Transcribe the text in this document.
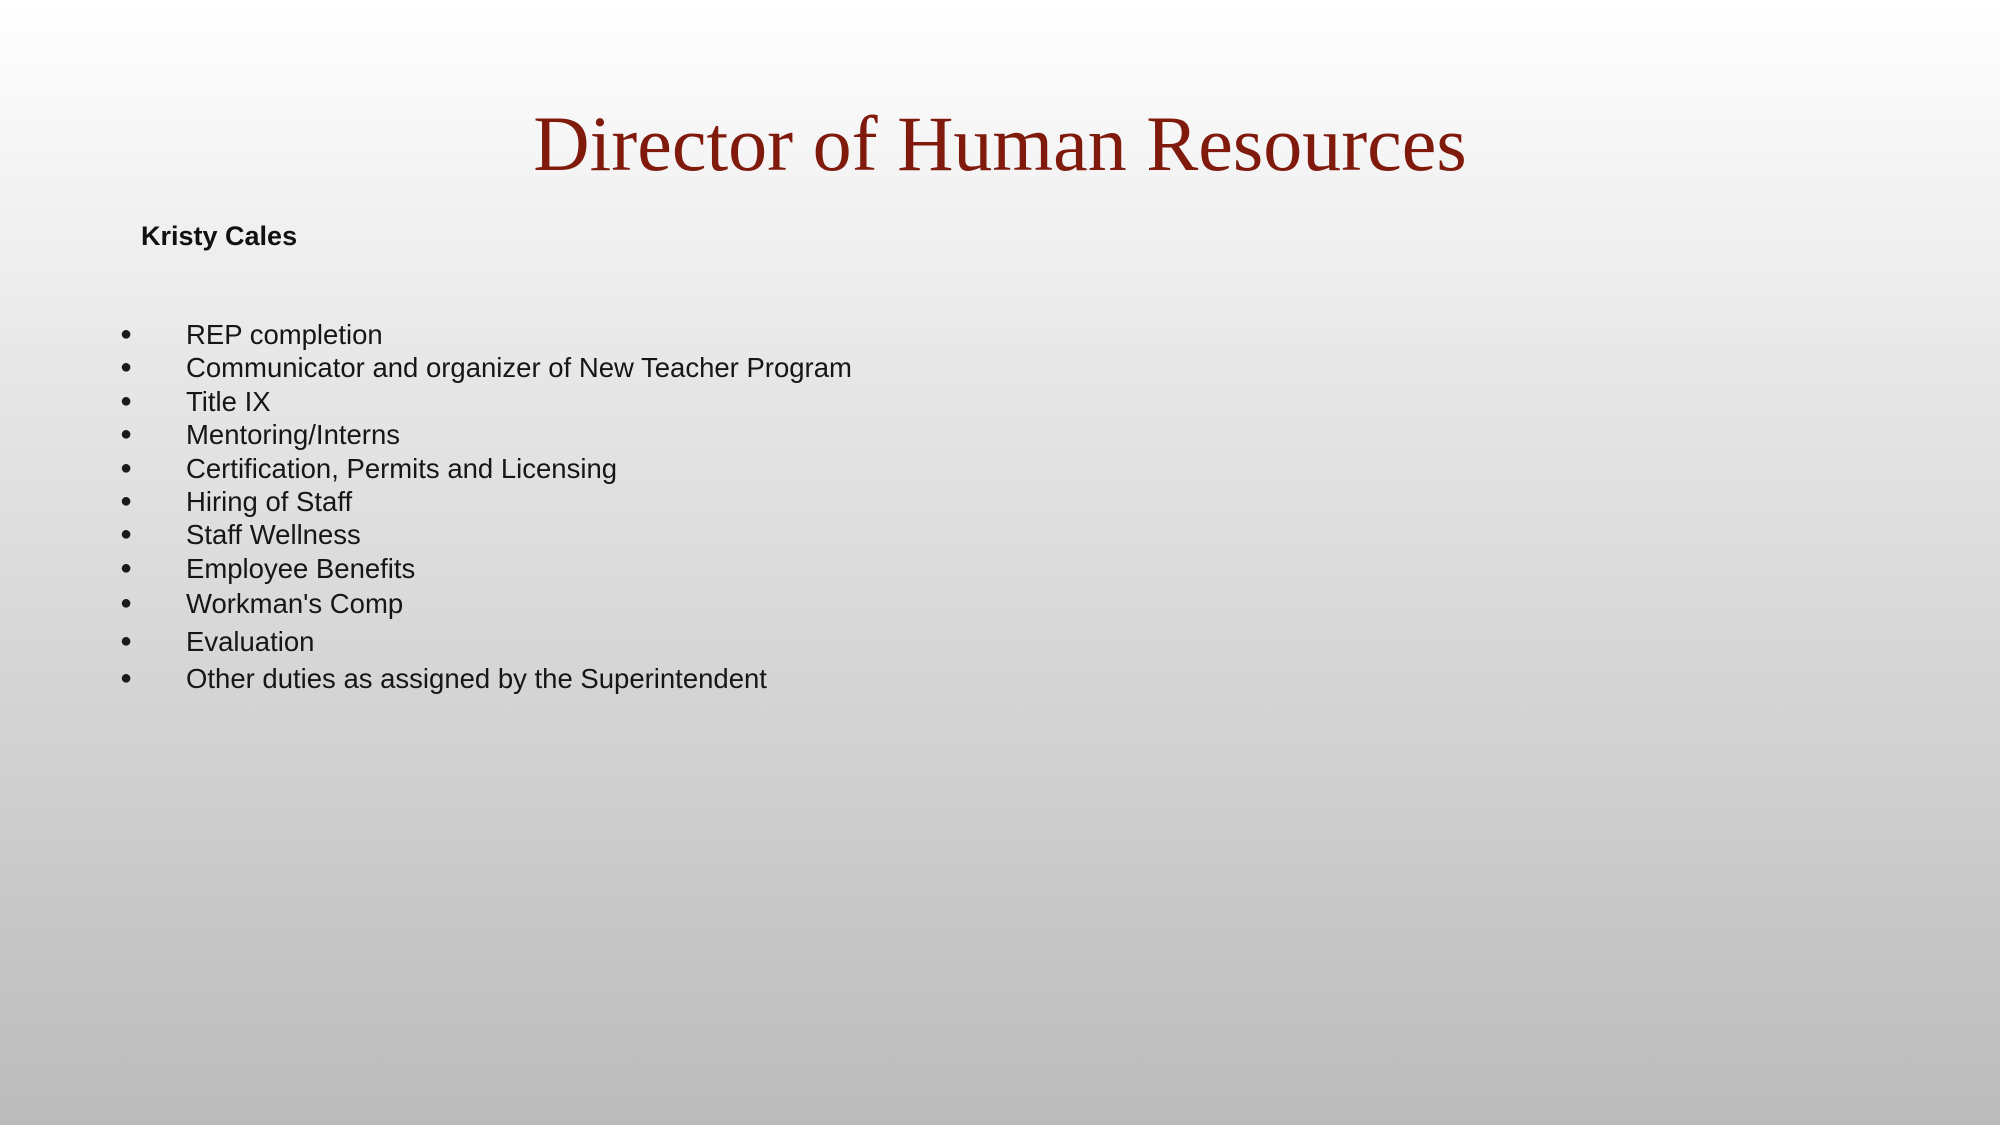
Director of Human Resources

Kristy Cales

● REP completion
● Communicator and organizer of New Teacher Program
● Title IX
● Mentoring/Interns
● Certification, Permits and Licensing
● Hiring of Staff
● Staff Wellness
● Employee Benefits
● Workman's Comp
● Evaluation
● Other duties as assigned by the Superintendent
